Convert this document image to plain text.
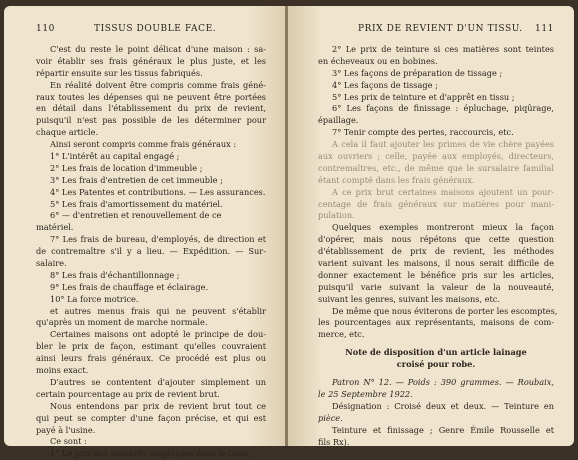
110	TISSUS DOUBLE FACE.
C'est du reste le point délicat d'une maison : sa-
voir établir ses frais généraux le plus juste, et les
répartir ensuite sur les tissus fabriqués.
En réalité doivent être compris comme frais géné-
raux toutes les dépenses qui ne peuvent être portées
en détail dans l'établissement du prix de revient,
puisqu'il n'est pas possible de les déterminer pour
chaque article.
Ainsi seront compris comme frais généraux :
1° L'intérêt au capital engagé ;
2° Les frais de location d'immeuble ;
3° Les frais d'entretien de cet immeuble ;
4° Les Patentes et contributions. — Les assurances.
5° Les frais d'amortissement du matériel.
6° — d'entretien et renouvellement de ce
matériel.
7° Les frais de bureau, d'employés, de direction et
de contremaître s'il y a lieu. — Expédition. — Sur-
salaire.
8° Les frais d'échantillonnage ;
9° Les frais de chauffage et éclairage.
10° La force motrice.
et autres menus frais qui ne peuvent s'établir
qu'après un moment de marche normale.
Certaines maisons ont adopté le principe de dou-
bler le prix de façon, estimant qu'elles couvraient
ainsi leurs frais généraux. Ce procédé est plus ou
moins exact.
D'autres se contentent d'ajouter simplement un
certain pourcentage au prix de revient brut.
Nous entendons par prix de revient brut tout ce
qui peut se compter d'une façon précise, et qui est
payé à l'usine.
Ce sont :
1° Le prix des matières employées dans le tissu ;
PRIX DE REVIENT D'UN TISSU. 111
2° Le prix de teinture si ces matières sont teintes
en écheveaux ou en bobines.
3° Les façons de préparation de tissage ;
4° Les façons de tissage ;
5° Les prix de teinture et d'apprêt en tissu ;
6° Les façons de finissage : épluchage, piqûrage,
épaillage.
7° Tenir compte des pertes, raccourcis, etc.
A cela il faut ajouter les primes de vie chère payées
aux ouvriers ; celle, payée aux employés, directeurs,
contremaîtres, etc., de même que le sursalaire familial
étant compté dans les frais généraux.
A ce prix brut certaines maisons ajoutent un pour-
centage de frais généraux sur matières pour mani-
pulation.
Quelques exemples montreront mieux la façon
d'opérer, mais nous répétons que cette question
d'établissement de prix de revient, les méthodes
varient suivant les maisons, il nous serait difficile de
donner exactement le bénéfice pris sur les articles,
puisqu'il varie suivant la valeur de la nouveauté,
suivant les genres, suivant les maisons, etc.
De même que nous éviterons de porter les escomptes,
les pourcentages aux représentants, maisons de com-
merce, etc.
Note de disposition d'un article lainage
croisé pour robe.
Patron N° 12. — Poids : 390 grammes. — Roubaix,
le 25 Septembre 1922.
Désignation : Croisé deux et deux. — Teinture en
pièce.
Teinture et finissage ; Genre Émile Rousselle et
fils Rx).
